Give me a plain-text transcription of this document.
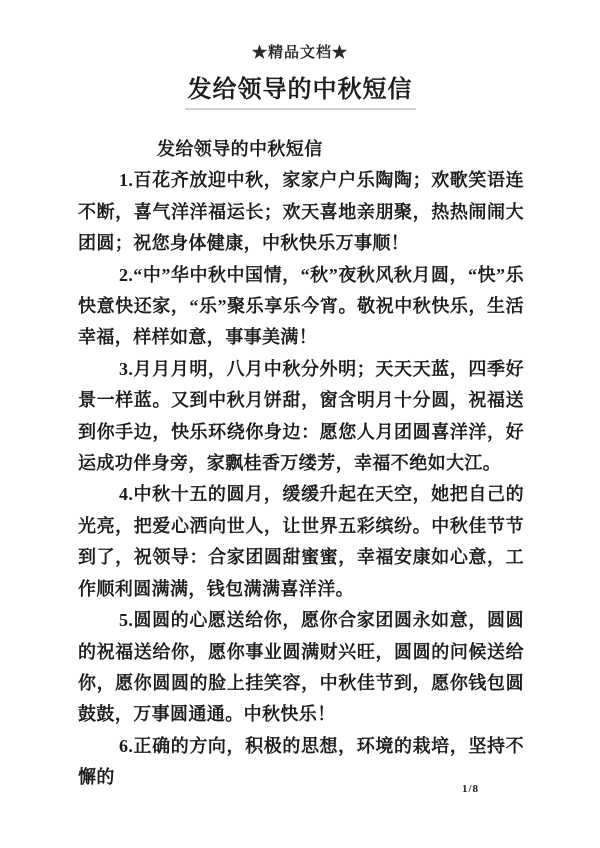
★精品文档★
发给领导的中秋短信

发给领导的中秋短信

1.百花齐放迎中秋，家家户户乐陶陶；欢歌笑语连不断，喜气洋洋福运长；欢天喜地亲朋聚，热热闹闹大团圆；祝您身体健康，中秋快乐万事顺！

2.“中”华中秋中国情，“秋”夜秋风秋月圆，“快”乐快意快还家，“乐”聚乐享乐今宵。敬祝中秋快乐，生活幸福，样样如意，事事美满！

3.月月月明，八月中秋分外明；天天天蓝，四季好景一样蓝。又到中秋月饼甜，窗含明月十分圆，祝福送到你手边，快乐环绕你身边：愿您人月团圆喜洋洋，好运成功伴身旁，家飘桂香万缕芳，幸福不绝如大江。

4.中秋十五的圆月，缓缓升起在天空，她把自己的光亮，把爱心洒向世人，让世界五彩缤纷。中秋佳节节到了，祝领导：合家团圆甜蜜蜜，幸福安康如心意，工作顺利圆满满，钱包满满喜洋洋。

5.圆圆的心愿送给你，愿你合家团圆永如意，圆圆的祝福送给你，愿你事业圆满财兴旺，圆圆的问候送给你，愿你圆圆的脸上挂笑容，中秋佳节到，愿你钱包圆鼓鼓，万事圆通通。中秋快乐！

6.正确的方向，积极的思想，环境的栽培，坚持不懈的

1/8
